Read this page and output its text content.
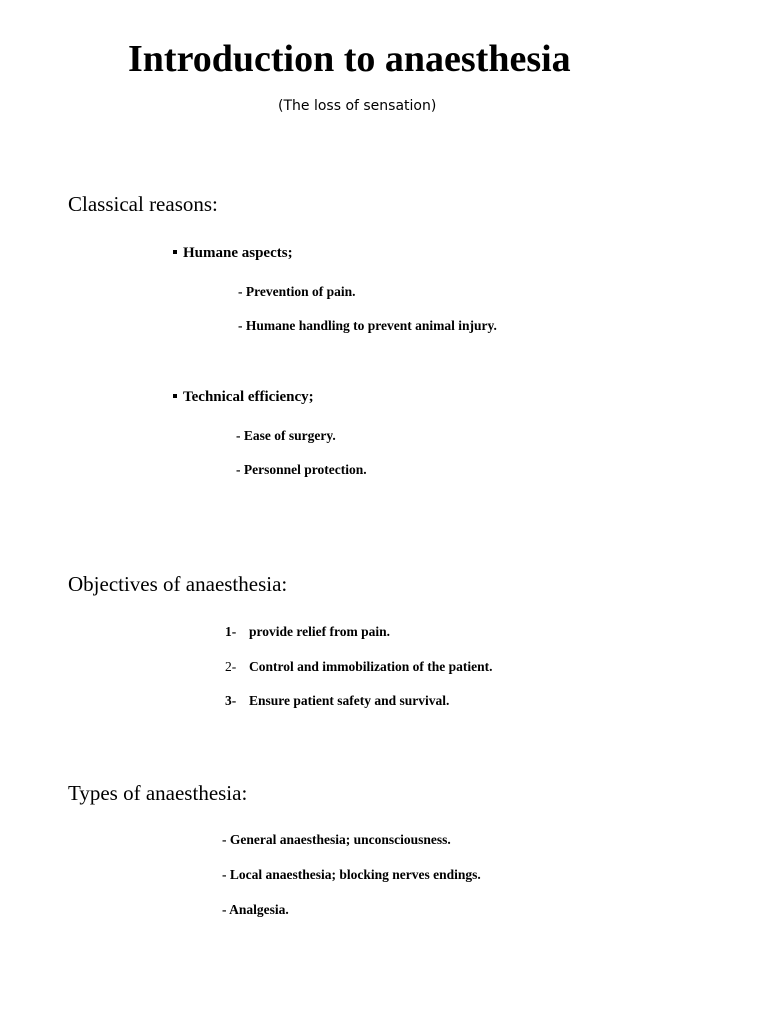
Introduction to anaesthesia
(The loss of sensation)
Classical reasons:
Humane aspects;
- Prevention of pain.
- Humane handling to prevent animal injury.
Technical efficiency;
- Ease of surgery.
- Personnel protection.
Objectives of anaesthesia:
1- provide relief from pain.
2- Control and immobilization of the patient.
3- Ensure patient safety and survival.
Types of anaesthesia:
- General anaesthesia; unconsciousness.
- Local anaesthesia; blocking nerves endings.
- Analgesia.
